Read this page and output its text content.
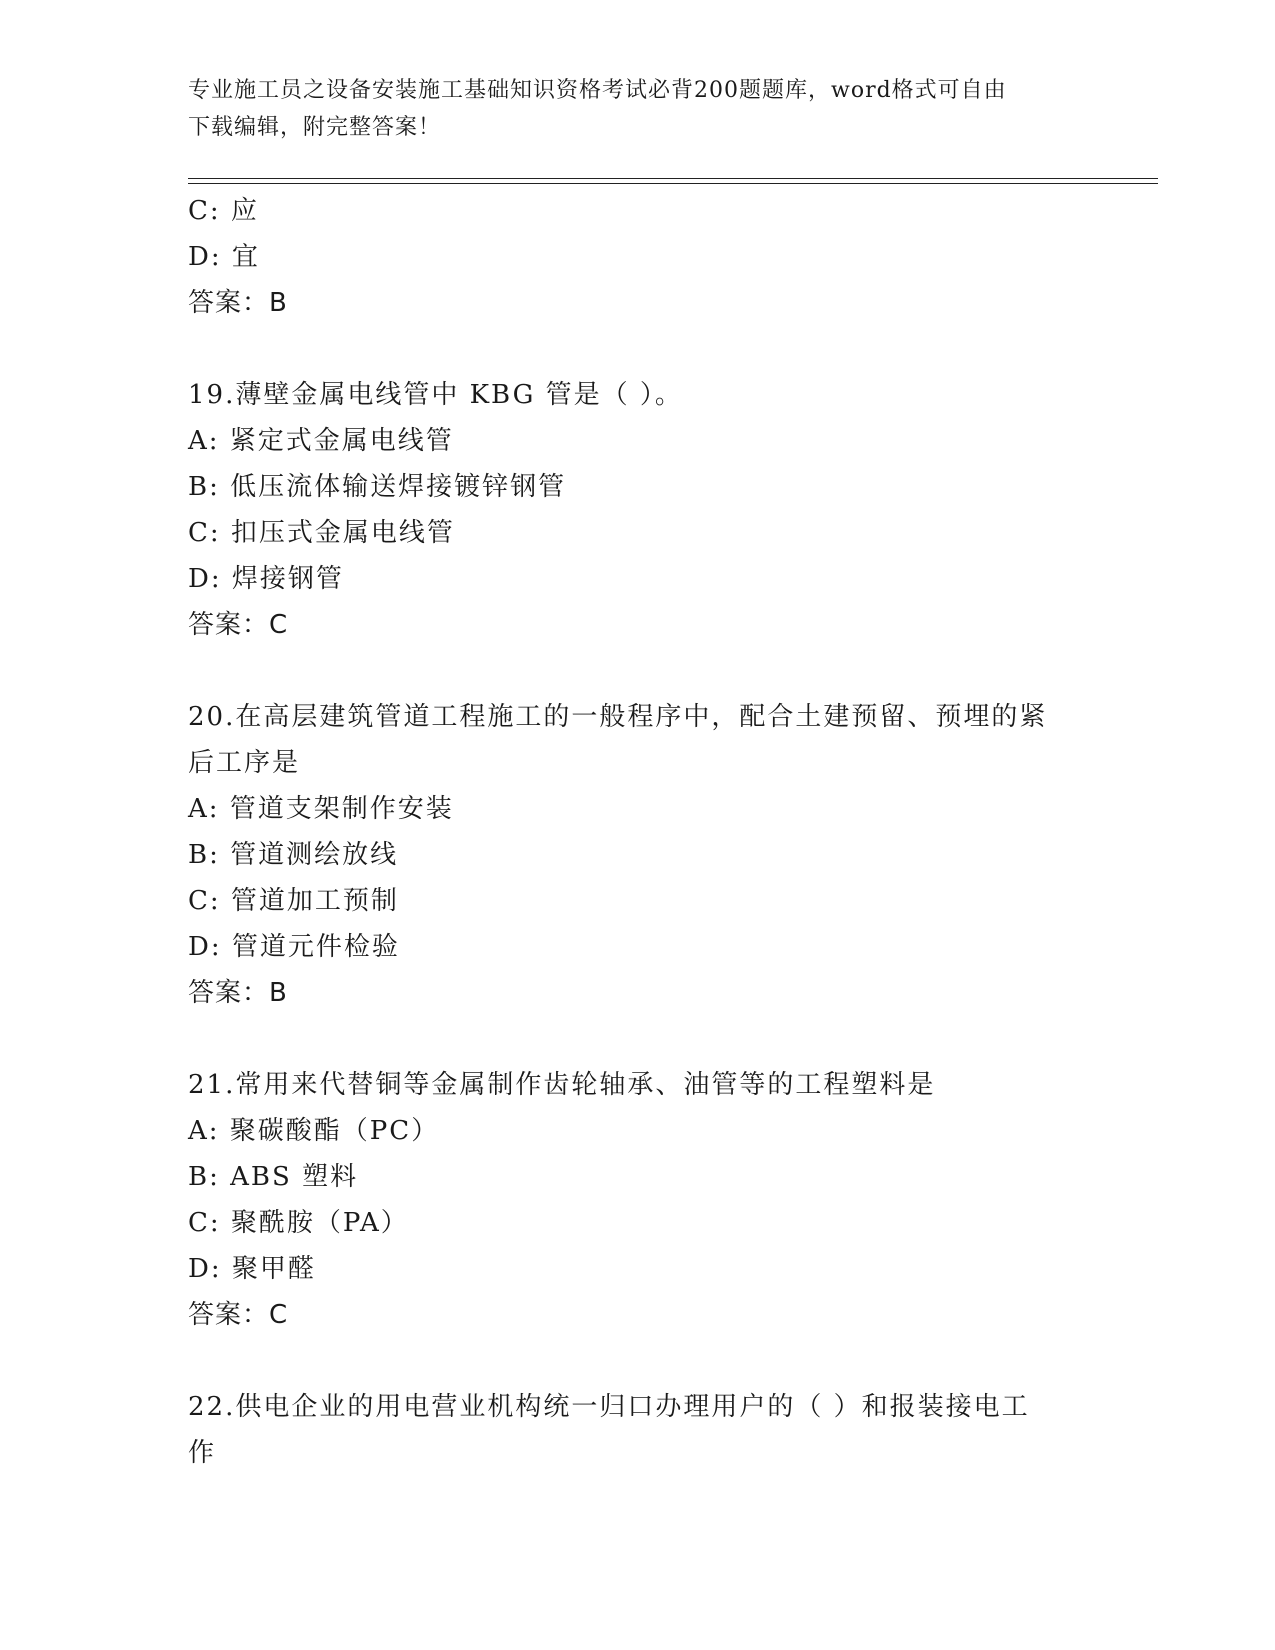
专业施工员之设备安装施工基础知识资格考试必背200题题库，word格式可自由
下载编辑，附完整答案！
C: 应
D: 宜
答案：B
19.薄壁金属电线管中 KBG 管是（ ）。
A: 紧定式金属电线管
B: 低压流体输送焊接镀锌钢管
C: 扣压式金属电线管
D: 焊接钢管
答案：C
20.在高层建筑管道工程施工的一般程序中，配合土建预留、预埋的紧
后工序是
A: 管道支架制作安装
B: 管道测绘放线
C: 管道加工预制
D: 管道元件检验
答案：B
21.常用来代替铜等金属制作齿轮轴承、油管等的工程塑料是
A: 聚碳酸酯（PC）
B: ABS 塑料
C: 聚酰胺（PA）
D: 聚甲醛
答案：C
22.供电企业的用电营业机构统一归口办理用户的（ ）和报装接电工
作
